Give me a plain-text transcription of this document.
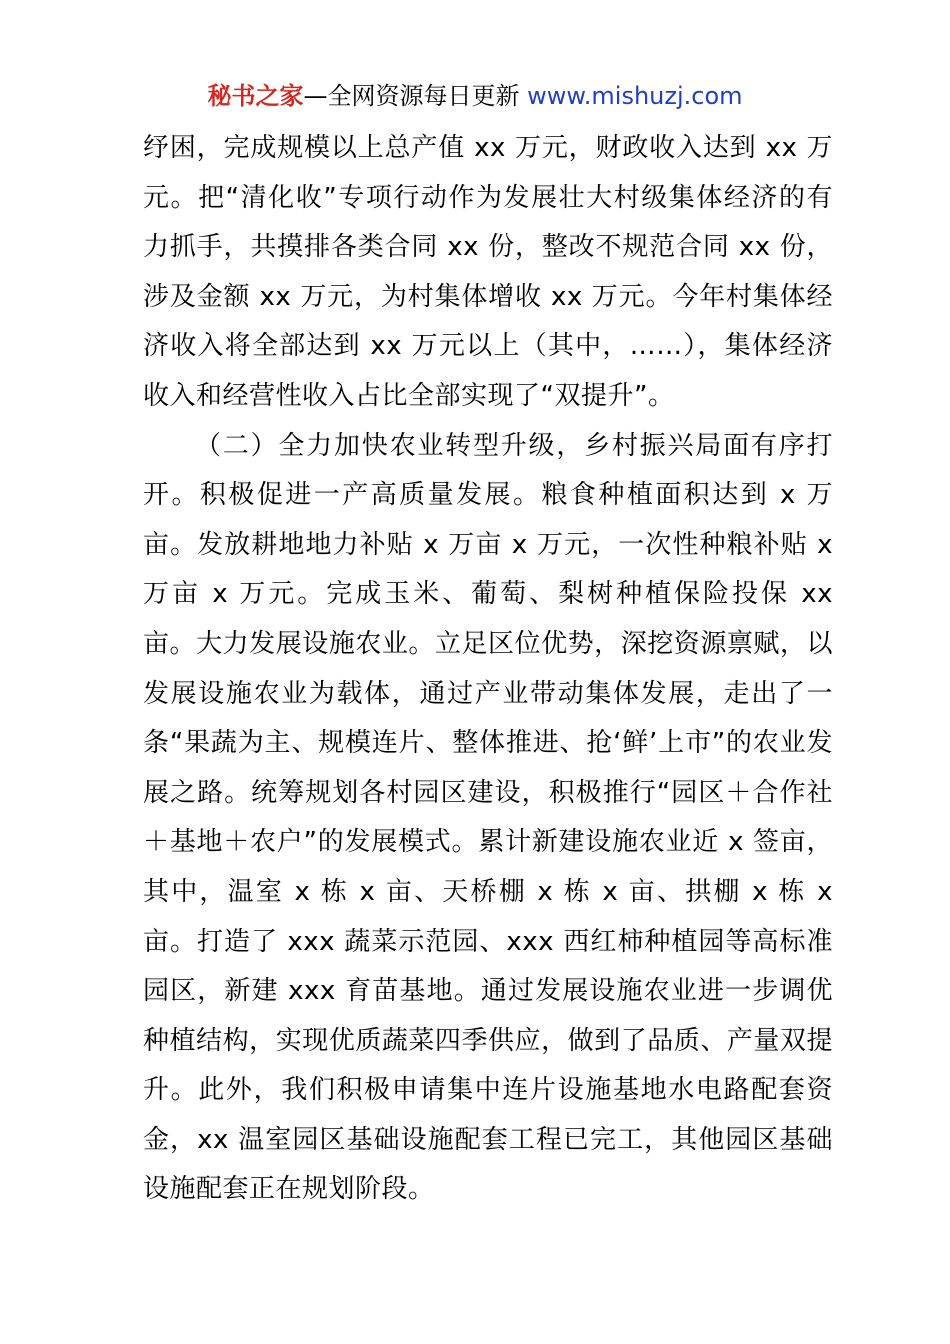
秘书之家—全网资源每日更新 www.mishuzj.com

纾困，完成规模以上总产值 xx 万元，财政收入达到 xx 万元。把“清化收”专项行动作为发展壮大村级集体经济的有力抓手，共摸排各类合同 xx 份，整改不规范合同 xx 份，涉及金额 xx 万元，为村集体增收 xx 万元。今年村集体经济收入将全部达到 xx 万元以上（其中，……），集体经济收入和经营性收入占比全部实现了“双提升”。

（二）全力加快农业转型升级，乡村振兴局面有序打开。积极促进一产高质量发展。粮食种植面积达到 x 万亩。发放耕地地力补贴 x 万亩 x 万元，一次性种粮补贴 x 万亩 x 万元。完成玉米、葡萄、梨树种植保险投保 xx 亩。大力发展设施农业。立足区位优势，深挖资源禀赋，以发展设施农业为载体，通过产业带动集体发展，走出了一条“果蔬为主、规模连片、整体推进、抢‘鲜’上市”的农业发展之路。统筹规划各村园区建设，积极推行“园区＋合作社＋基地＋农户”的发展模式。累计新建设施农业近 x 签亩，其中，温室 x 栋 x 亩、天桥棚 x 栋 x 亩、拱棚 x 栋 x 亩。打造了 xxx 蔬菜示范园、xxx 西红柿种植园等高标准园区，新建 xxx 育苗基地。通过发展设施农业进一步调优种植结构，实现优质蔬菜四季供应，做到了品质、产量双提升。此外，我们积极申请集中连片设施基地水电路配套资金，xx 温室园区基础设施配套工程已完工，其他园区基础设施配套正在规划阶段。
